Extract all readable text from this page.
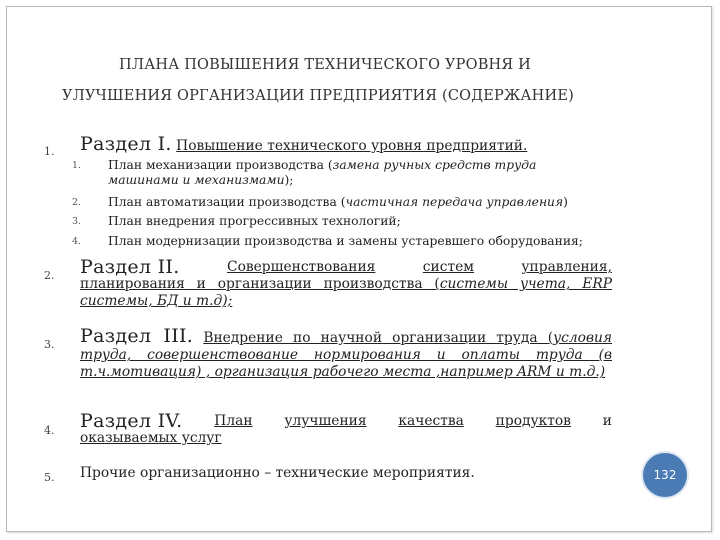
ПЛАНА ПОВЫШЕНИЯ ТЕХНИЧЕСКОГО УРОВНЯ И
УЛУЧШЕНИЯ ОРГАНИЗАЦИИ ПРЕДПРИЯТИЯ (СОДЕРЖАНИЕ)
1. Раздел I. Повышение технического уровня предприятий.
1. План механизации производства (замена ручных средств труда машинами и механизмами);
2. План автоматизации производства (частичная передача управления)
3. План внедрения прогрессивных технологий;
4. План модернизации производства и замены устаревшего оборудования;
2. Раздел II.	Совершенствования	систем	управления,
планирования и организации производства (системы учета, ERP системы, БД и т.д);
3. Раздел III. Внедрение по научной организации труда (условия труда, совершенствование нормирования и оплаты труда (в т.ч.мотивация) , организация рабочего места ,например ARM и т.д.)
4. Раздел IV. План улучшения качества продуктов и
оказываемых услуг
5. Прочие организационно – технические мероприятия.	132
